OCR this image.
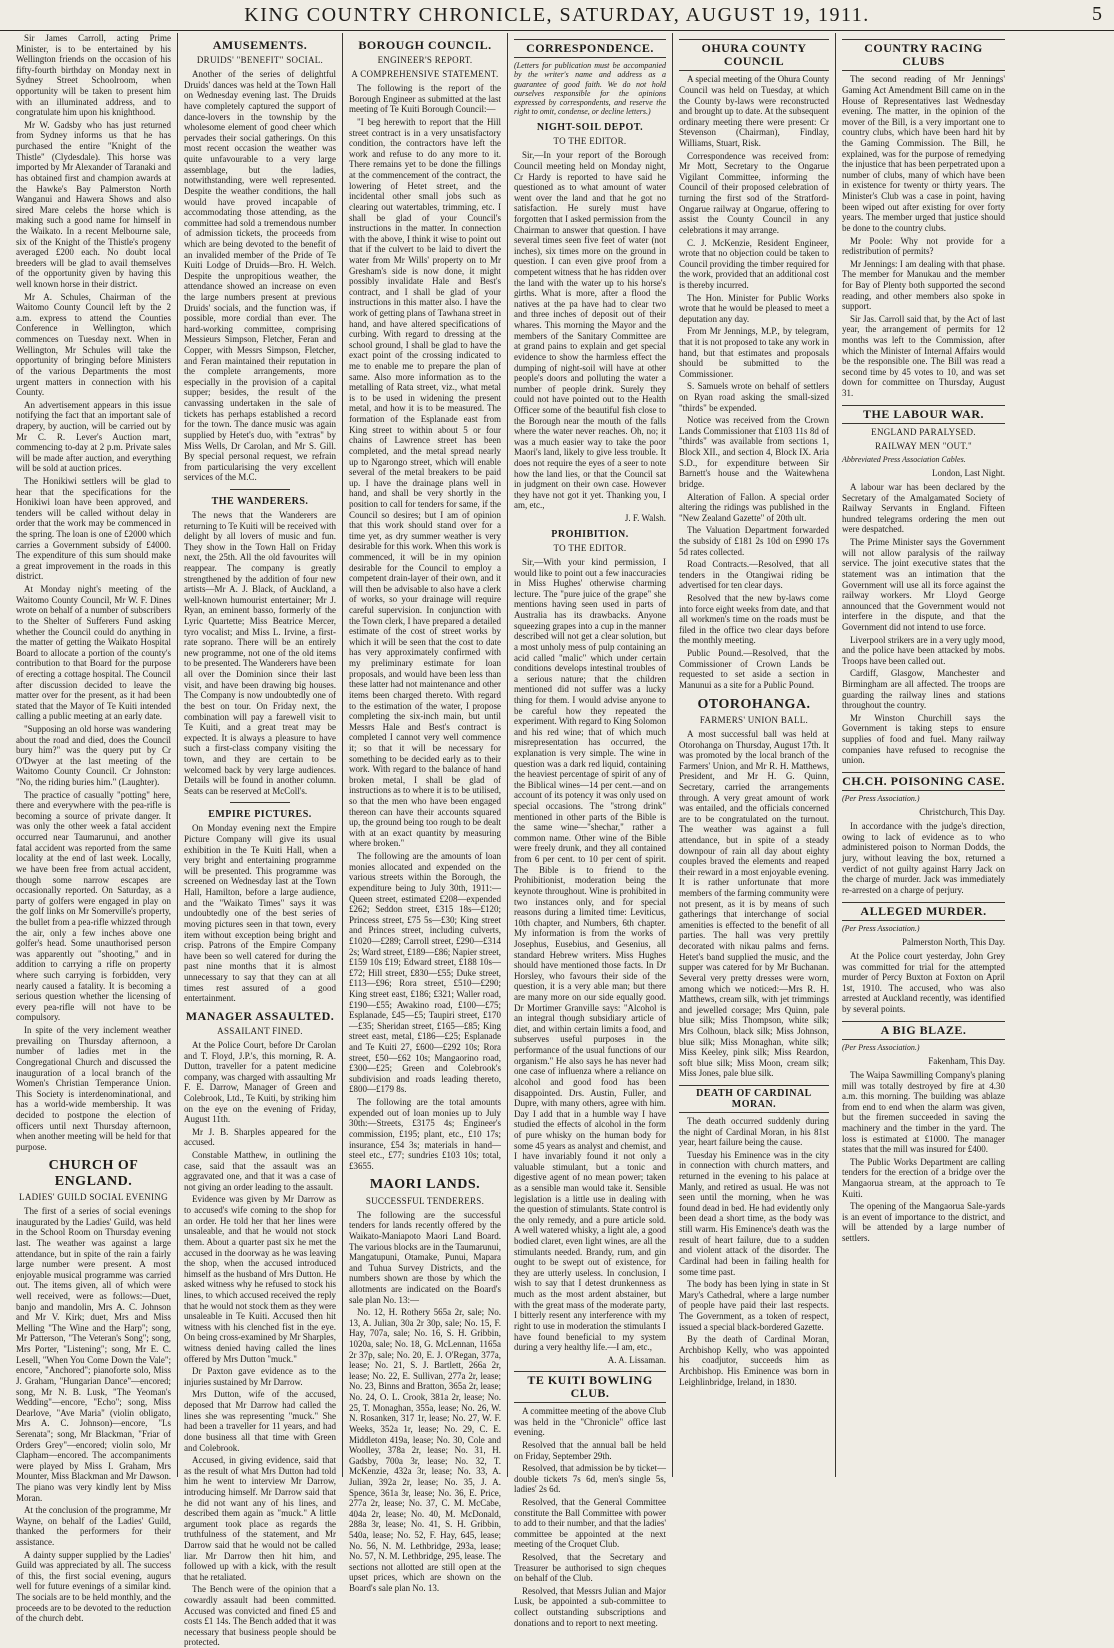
KING COUNTRY CHRONICLE, SATURDAY, AUGUST 19, 1911.	5

Sir James Carroll, acting Prime Minister, is to be entertained by his Wellington friends on the occasion of his fifty-fourth birthday on Monday next in Sydney Street Schoolroom, when opportunity will be taken to present him with an illuminated address, and to congratulate him upon his knighthood.

Mr W. Gadsby who has just returned from Sydney informs us that he has purchased the entire "Knight of the Thistle" (Clydesdale). This horse was imported by Mr Alexander of Taranaki and has obtained first and champion awards at the Hawke's Bay Palmerston North Wanganui and Hawera Shows and also sired Mare celebs the horse which is making such a good name for himself in the Waikato. In a recent Melbourne sale, six of the Knight of the Thistle's progeny averaged £200 each. No doubt local breeders will be glad to avail themselves of the opportunity given by having this well known horse in their district.

Mr A. Schules, Chairman of the Waitomo County Council left by the 2 a.m. express to attend the Counties Conference in Wellington, which commences on Tuesday next. When in Wellington, Mr Schules will take the opportunity of bringing before Ministers of the various Departments the most urgent matters in connection with his County.

An advertisement appears in this issue notifying the fact that an important sale of drapery, by auction, will be carried out by Mr C. R. Lever's Auction mart, commencing to-day at 2 p.m. Private sales will be made after auction, and everything will be sold at auction prices.

The Honikiwi settlers will be glad to hear that the specifications for the Honikiwi loan have been approved, and tenders will be called without delay in order that the work may be commenced in the spring. The loan is one of £2000 which carries a Government subsidy of £4000. The expenditure of this sum should make a great improvement in the roads in this district.

At Monday night's meeting of the Waitomo County Council, Mr W. F. Dines wrote on behalf of a number of subscribers to the Shelter of Sufferers Fund asking whether the Council could do anything in the matter of getting the Waikato Hospital Board to allocate a portion of the county's contribution to that Board for the purpose of erecting a cottage hospital. The Council after discussion decided to leave the matter over for the present, as it had been stated that the Mayor of Te Kuiti intended calling a public meeting at an early date.

"Supposing an old horse was wandering about the road and died, does the Council bury him?" was the query put by Cr O'Dwyer at the last meeting of the Waitomo County Council. Cr Johnston: "No, the riding buries him." (Laughter).

The practice of casually "potting" here, there and everywhere with the pea-rifle is becoming a source of private danger. It was only the other week a fatal accident occurred near Taumarunui, and another fatal accident was reported from the same locality at the end of last week. Locally, we have been free from actual accident, though some narrow escapes are occasionally reported. On Saturday, as a party of golfers were engaged in play on the golf links on Mr Somerville's property, the bullet from a pea-rifle whizzed through the air, only a few inches above one golfer's head. Some unauthorised person was apparently out "shooting," and in addition to carrying a rifle on property where such carrying is forbidden, very nearly caused a fatality. It is becoming a serious question whether the licensing of every pea-rifle will not have to be compulsory.

In spite of the very inclement weather prevailing on Thursday afternoon, a number of ladies met in the Congregational Church and discussed the inauguration of a local branch of the Women's Christian Temperance Union. This Society is interdenominational, and has a world-wide membership. It was decided to postpone the election of officers until next Thursday afternoon, when another meeting will be held for that purpose.

CHURCH OF ENGLAND.
LADIES' GUILD SOCIAL EVENING

The first of a series of social evenings inaugurated by the Ladies' Guild, was held in the School Room on Thursday evening last. The weather was against a large attendance, but in spite of the rain a fairly large number were present. A most enjoyable musical programme was carried out. The items given, all of which were well received, were as follows:—Duet, banjo and mandolin, Mrs A. C. Johnson and Mr V. Kirk; duet, Mrs and Miss Melling "The Wine and the Harp"; song, Mr Patterson, "The Veteran's Song"; song, Mrs Porter, "Listening"; song, Mr E. C. Lesell, "When You Come Down the Vale"; encore, "Anchored"; pianoforte solo, Miss J. Graham, "Hungarian Dance"—encored; song, Mr N. B. Lusk, "The Yeoman's Wedding"—encore, "Echo"; song, Miss Dearlove, "Ave Maria" (violin obligato, Mrs A. C. Johnson)—encore, "Ls Serenata"; song, Mr Blackman, "Friar of Orders Grey"—encored; violin solo, Mr Clapham—encored. The accompaniments were played by Miss I. Graham, Mrs Mounter, Miss Blackman and Mr Dawson. The piano was very kindly lent by Miss Moran.

At the conclusion of the programme, Mr Wayne, on behalf of the Ladies' Guild, thanked the performers for their assistance.

A dainty supper supplied by the Ladies' Guild was appreciated by all. The success of this, the first social evening, augurs well for future evenings of a similar kind. The socials are to be held monthly, and the proceeds are to be devoted to the reduction of the church debt.

AMUSEMENTS.
DRUIDS' "BENEFIT" SOCIAL.

Another of the series of delightful Druids' dances was held at the Town Hall on Wednesday evening last. The Druids have completely captured the support of dance-lovers in the township by the wholesome element of good cheer which pervades their social gatherings. On this most recent occasion the weather was quite unfavourable to a very large assemblage, but the ladies, notwithstanding, were well represented. Despite the weather conditions, the hall would have proved incapable of accommodating those attending, as the committee had sold a tremendous number of admission tickets, the proceeds from which are being devoted to the benefit of an invalided member of the Pride of Te Kuiti Lodge of Druids—Bro. H. Welch. Despite the unpropitious weather, the attendance showed an increase on even the large numbers present at previous Druids' socials, and the function was, if possible, more cordial than ever. The hard-working committee, comprising Messieurs Simpson, Fletcher, Feran and Copper, with Messrs Simpson, Fletcher, and Feran maintained their reputation in the complete arrangements, more especially in the provision of a capital supper; besides, the result of the canvassing undertaken in the sale of tickets has perhaps established a record for the town. The dance music was again supplied by Hetet's duo, with "extras" by Miss Wells, Dr Carolan, and Mr S. Gill. By special personal request, we refrain from particularising the very excellent services of the M.C.

THE WANDERERS.

The news that the Wanderers are returning to Te Kuiti will be received with delight by all lovers of music and fun. They show in the Town Hall on Friday next, the 25th. All the old favourites will reappear. The company is greatly strengthened by the addition of four new artists—Mr A. J. Black, of Auckland, a well-known humourist entertainer; Mr J. Ryan, an eminent basso, formerly of the Lyric Quartette; Miss Beatrice Mercer, tyro vocalist; and Miss L. Irvine, a first-rate soprano. There will be an entirely new programme, not one of the old items to be presented. The Wanderers have been all over the Dominion since their last visit, and have been drawing big houses. The Company is now undoubtedly one of the best on tour. On Friday next, the combination will pay a farewell visit to Te Kuiti, and a great treat may be expected. It is always a pleasure to have such a first-class company visiting the town, and they are certain to be welcomed back by very large audiences. Details will be found in another column. Seats can be reserved at McColl's.

EMPIRE PICTURES.

On Monday evening next the Empire Picture Company will give its usual exhibition in the Te Kuiti Hall, when a very bright and entertaining programme will be presented. This programme was screened on Wednesday last at the Town Hall, Hamilton, before a large audience, and the "Waikato Times" says it was undoubtedly one of the best series of moving pictures seen in that town, every item without exception being bright and crisp. Patrons of the Empire Company have been so well catered for during the past nine months that it is almost unnecessary to say that they can at all times rest assured of a good entertainment.

MANAGER ASSAULTED.
ASSAILANT FINED.

At the Police Court, before Dr Carolan and T. Floyd, J.P.'s, this morning, R. A. Dutton, traveller for a patent medicine company, was charged with assaulting Mr F. E. Darrow, Manager of Green and Colebrook, Ltd., Te Kuiti, by striking him on the eye on the evening of Friday, August 11th.

Mr J. B. Sharples appeared for the accused.

Constable Matthew, in outlining the case, said that the assault was an aggravated one, and that it was a case of not giving an order leading to the assault.

Evidence was given by Mr Darrow as to accused's wife coming to the shop for an order. He told her that her lines were unsaleable, and that he would not stock them. About a quarter past six he met the accused in the doorway as he was leaving the shop, when the accused introduced himself as the husband of Mrs Dutton. He asked witness why he refused to stock his lines, to which accused received the reply that he would not stock them as they were unsaleable in Te Kuiti. Accused then hit witness with his clenched fist in the eye. On being cross-examined by Mr Sharples, witness denied having called the lines offered by Mrs Dutton "muck."

Dr Paxton gave evidence as to the injuries sustained by Mr Darrow.

Mrs Dutton, wife of the accused, deposed that Mr Darrow had called the lines she was representing "muck." She had been a traveller for 11 years, and had done business all that time with Green and Colebrook.

Accused, in giving evidence, said that as the result of what Mrs Dutton had told him he went to interview Mr Darrow, introducing himself. Mr Darrow said that he did not want any of his lines, and described them again as "muck." A little argument took place as regards the truthfulness of the statement, and Mr Darrow said that he would not be called liar. Mr Darrow then hit him, and followed up with a kick, with the result that he retaliated.

The Bench were of the opinion that a cowardly assault had been committed. Accused was convicted and fined £5 and costs £1 14s. The Bench added that it was necessary that business people should be protected.

BOROUGH COUNCIL.
ENGINEER'S REPORT.
A COMPREHENSIVE STATEMENT.

The following is the report of the Borough Engineer as submitted at the last meeting of Te Kuiti Borough Council:—

"I beg herewith to report that the Hill street contract is in a very unsatisfactory condition, the contractors have left the work and refuse to do any more to it. There remains yet to be done the fillings at the commencement of the contract, the lowering of Hetet street, and the incidental other small jobs such as clearing out watertables, trimming, etc. I shall be glad of your Council's instructions in the matter. In connection with the above, I think it wise to point out that if the culvert to be laid to divert the water from Mr Wills' property on to Mr Gresham's side is now done, it might possibly invalidate Hale and Best's contract, and I shall be glad of your instructions in this matter also. I have the work of getting plans of Tawhana street in hand, and have altered specifications of curbing. With regard to dressing at the school ground, I shall be glad to have the exact point of the crossing indicated to me to enable me to prepare the plan of same. Also more information as to the metalling of Rata street, viz., what metal is to be used in widening the present metal, and how it is to be measured. The formation of the Esplanade east from King street to within about 5 or four chains of Lawrence street has been completed, and the metal spread nearly up to Ngarongo street, which will enable several of the metal breakers to be paid up. I have the drainage plans well in hand, and shall be very shortly in the position to call for tenders for same, if the Council so desires; but I am of opinion that this work should stand over for a time yet, as dry summer weather is very desirable for this work. When this work is commenced, it will be in my opinion desirable for the Council to employ a competent drain-layer of their own, and it will then be advisable to also have a clerk of works, so your drainage will require careful supervision. In conjunction with the Town clerk, I have prepared a detailed estimate of the cost of street works by which it will be seen that the cost to date has very approximately confirmed with my preliminary estimate for loan proposals, and would have been less than these latter had not maintenance and other items been charged thereto. With regard to the estimation of the water, I propose completing the six-inch main, but until Messrs Hale and Best's contract is completed I cannot very well commence it; so that it will be necessary for something to be decided early as to their work. With regard to the balance of hand broken metal, I shall be glad of instructions as to where it is to be utilised, so that the men who have been engaged thereon can have their accounts squared up, the ground being too rough to be dealt with at an exact quantity by measuring where broken."

The following are the amounts of loan monies allocated and expended on the various streets within the Borough, the expenditure being to July 30th, 1911:—Queen street, estimated £208—expended £262; Seddon street, £315 18s—£120; Princess street, £75 5s—£30; King street and Princes street, including culverts, £1020—£289; Carroll street, £290—£314 2s; Ward street, £189—£86; Napier street, £159 10s £19; Edward street, £188 10s—£72; Hill street, £830—£55; Duke street, £113—£96; Rora street, £510—£290; King street east, £186; £321; Waller road, £190—£55; Awakino road, £100—£75; Esplanade, £45—£5; Taupiri street, £170—£35; Sheridan street, £165—£85; King street east, metal, £186—£25; Esplanade and Te Kuiti 27, £600—£292 10s; Rora street, £50—£62 10s; Mangaorino road, £300—£25; Green and Colebrook's subdivision and roads leading thereto, £800—£179 8s.

The following are the total amounts expended out of loan monies up to July 30th:—Streets, £3175 4s; Engineer's commission, £195; plant, etc., £10 17s; insurance, £54 3s; materials in hand—steel etc., £77; sundries £103 10s; total, £3655.

MAORI LANDS.
SUCCESSFUL TENDERERS.

The following are the successful tenders for lands recently offered by the Waikato-Maniapoto Maori Land Board. The various blocks are in the Taumarunui, Mangatupuni, Otamake, Punui, Mapara and Tuhua Survey Districts, and the numbers shown are those by which the allotments are indicated on the Board's sale plan No. 13:—

No. 12, H. Rothery 565a 2r, sale; No. 13, A. Julian, 30a 2r 30p, sale; No. 15, F. Hay, 707a, sale; No. 16, S. H. Gribbin, 1020a, sale; No. 18, G. McLennan, 1165a 2r 37p, sale; No. 20, E. J. O'Regan, 377a, lease; No. 21, S. J. Bartlett, 266a 2r, lease; No. 22, E. Sullivan, 277a 2r, lease; No. 23, Binns and Bratton, 365a 2r, lease; No. 24, O. L. Crook, 381a 2r, lease; No. 25, T. Monaghan, 355a, lease; No. 26, W. N. Rosanken, 317 1r, lease; No. 27, W. F. Weeks, 352a 1r, lease; No. 29, C. E. Middleton 419a, lease; No. 30, Cole and Woolley, 378a 2r, lease; No. 31, H. Gadsby, 700a 3r, lease; No. 32, T. McKenzie, 432a 3r, lease; No. 33, A. Julian, 392a 2r, lease; No. 35, J. A. Spence, 361a 3r, lease; No. 36, E. Price, 277a 2r, lease; No. 37, C. M. McCabe, 404a 2r, lease; No. 40, M. McDonald, 288a 3r, lease; No. 41, S. H. Gribbin, 540a, lease; No. 52, F. Hay, 645, lease; No. 56, N. M. Lethbridge, 293a, lease; No. 57, N. M. Lethbridge, 295, lease. The sections not allotted are still open at the upset prices, which are shown on the Board's sale plan No. 13.

CORRESPONDENCE.
(Letters for publication must be accompanied by the writer's name and address as a guarantee of good faith. We do not hold ourselves responsible for the opinions expressed by correspondents, and reserve the right to omit, condense, or decline letters.)
NIGHT-SOIL DEPOT.
TO THE EDITOR.

Sir,—In your report of the Borough Council meeting held on Monday night, Cr Hardy is reported to have said he questioned as to what amount of water went over the land and that he got no satisfaction. He surely must have forgotten that I asked permission from the Chairman to answer that question. I have several times seen five feet of water (not inches), six times more on the ground in question. I can even give proof from a competent witness that he has ridden over the land with the water up to his horse's girths. What is more, after a flood the natives at the pa have had to clear two and three inches of deposit out of their whares. This morning the Mayor and the members of the Sanitary Committee are at grand pains to explain and get special evidence to show the harmless effect the dumping of night-soil will have at other people's doors and polluting the water a number of people drink. Surely they could not have pointed out to the Health Officer some of the beautiful fish close to the Borough near the mouth of the falls where the water never reaches. Oh, no; it was a much easier way to take the poor Maori's land, likely to give less trouble. It does not require the eyes of a seer to note how the land lies, or that the Council sat in judgment on their own case. However they have not got it yet. Thanking you, I am, etc.,

J. F. Walsh.
PROHIBITION.
TO THE EDITOR.

Sir,—With your kind permission, I would like to point out a few inaccuracies in Miss Hughes' otherwise charming lecture. The "pure juice of the grape" she mentions having seen used in parts of Australia has its drawbacks. Anyone squeezing grapes into a cup in the manner described will not get a clear solution, but a most unholy mess of pulp containing an acid called "malic" which under certain conditions develops intestinal troubles of a serious nature; that the children mentioned did not suffer was a lucky thing for them. I would advise anyone to be careful how they repeated the experiment. With regard to King Solomon and his red wine; that of which much misrepresentation has occurred, the explanation is very simple. The wine in question was a dark red liquid, containing the heaviest percentage of spirit of any of the Biblical wines—14 per cent.—and on account of its potency it was only used on special occasions. The "strong drink" mentioned in other parts of the Bible is the same wine—"shechar," rather a common name. Other wine of the Bible were freely drunk, and they all contained from 6 per cent. to 10 per cent of spirit. The Bible is to friend to the Prohibitionist, moderation being the keynote throughout. Wine is prohibited in two instances only, and for special reasons during a limited time: Leviticus, 10th chapter, and Numbers, 6th chapter. My information is from the works of Josephus, Eusebius, and Gesenius, all standard Hebrew writers. Miss Hughes should have mentioned those facts. In Dr Horsley, who favours their side of the question, it is a very able man; but there are many more on our side equally good. Dr Mortimer Granville says: "Alcohol is an integral though subsidiary article of diet, and within certain limits a food, and subserves useful purposes in the performance of the usual functions of our organism." He also says he has never had one case of influenza where a reliance on alcohol and good food has been disappointed. Drs. Austin, Fuller, and Dupre, with many others, agree with him. Day I add that in a humble way I have studied the effects of alcohol in the form of pure whisky on the human body for some 45 years as analyst and chemist, and I have invariably found it not only a valuable stimulant, but a tonic and digestive agent of no mean power; taken as a sensible man would take it. Sensible legislation is a little use in dealing with the question of stimulants. State control is the only remedy, and a pure article sold. A well watered whisky, a light ale, a good bodied claret, even light wines, are all the stimulants needed. Brandy, rum, and gin ought to be swept out of existence, for they are utterly useless. In conclusion, I wish to say that I detest drunkenness as much as the most ardent abstainer, but with the great mass of the moderate party, I bitterly resent any interference with my right to use in moderation the stimulants I have found beneficial to my system during a very healthy life.—I am, etc.,

A. A. Lissaman.
TE KUITI BOWLING CLUB.

A committee meeting of the above Club was held in the "Chronicle" office last evening.

Resolved that the annual ball be held on Friday, September 29th.

Resolved, that admission be by ticket—double tickets 7s 6d, men's single 5s, ladies' 2s 6d.

Resolved, that the General Committee constitute the Ball Committee with power to add to their number, and that the ladies' committee be appointed at the next meeting of the Croquet Club.

Resolved, that the Secretary and Treasurer be authorised to sign cheques on behalf of the Club.

Resolved, that Messrs Julian and Major Lusk, be appointed a sub-committee to collect outstanding subscriptions and donations and to report to next meeting.

OHURA COUNTY COUNCIL

A special meeting of the Ohura County Council was held on Tuesday, at which the County by-laws were reconstructed and brought up to date. At the subsequent ordinary meeting there were present: Cr Stevenson (Chairman), Findlay, Williams, Stuart, Risk.

Correspondence was received from: Mr Mott, Secretary to the Ongarue Vigilant Committee, informing the Council of their proposed celebration of turning the first sod of the Stratford-Ongarue railway at Ongarue, offering to assist the County Council in any celebrations it may arrange.

C. J. McKenzie, Resident Engineer, wrote that no objection could be taken to Council providing the timber required for the work, provided that an additional cost is thereby incurred.

The Hon. Minister for Public Works wrote that he would be pleased to meet a deputation any day.

From Mr Jennings, M.P., by telegram, that it is not proposed to take any work in hand, but that estimates and proposals should be submitted to the Commissioner.

S. Samuels wrote on behalf of settlers on Ryan road asking the small-sized "thirds" be expended.

Notice was received from the Crown Lands Commissioner that £103 11s 8d of "thirds" was available from sections 1, Block XII., and section 4, Block IX. Aria S.D., for expenditure between Sir Barnett's house and the Waitewhena bridge.

Alteration of Fallon. A special order altering the ridings was published in the "New Zealand Gazette" of 20th ult.

The Valuation Department forwarded the subsidy of £181 2s 10d on £990 17s 5d rates collected.

Road Contracts.—Resolved, that all tenders in the Otangiwai riding be advertised for ten clear days.

Resolved that the new by-laws come into force eight weeks from date, and that all workmen's time on the roads must be filed in the office two clear days before the monthly meeting.

Public Pound.—Resolved, that the Commissioner of Crown Lands be requested to set aside a section in Manunui as a site for a Public Pound.

OTOROHANGA.
FARMERS' UNION BALL.

A most successful ball was held at Otorohanga on Thursday, August 17th. It was promoted by the local branch of the Farmers' Union, and Mr R. H. Matthews, President, and Mr H. G. Quinn, Secretary, carried the arrangements through. A very great amount of work was entailed, and the officials concerned are to be congratulated on the turnout. The weather was against a full attendance, but in spite of a steady downpour of rain all day about eighty couples braved the elements and reaped their reward in a most enjoyable evening. It is rather unfortunate that more members of the farming community were not present, as it is by means of such gatherings that interchange of social amenities is effected to the benefit of all parties. The hall was very prettily decorated with nikau palms and ferns. Hetet's band supplied the music, and the supper was catered for by Mr Buchanan. Several very pretty dresses were worn, among which we noticed:—Mrs R. H. Matthews, cream silk, with jet trimmings and jewelled corsage; Mrs Quinn, pale blue silk; Miss Thompson, white silk; Mrs Colhoun, black silk; Miss Johnson, blue silk; Miss Monaghan, white silk; Miss Keeley, pink silk; Miss Reardon, soft blue silk; Miss Moon, cream silk; Miss Jones, pale blue silk.

DEATH OF CARDINAL MORAN.

The death occurred suddenly during the night of Cardinal Moran, in his 81st year, heart failure being the cause.

Tuesday his Eminence was in the city in connection with church matters, and returned in the evening to his palace at Manly, and retired as usual. He was not seen until the morning, when he was found dead in bed. He had evidently only been dead a short time, as the body was still warm. His Eminence's death was the result of heart failure, due to a sudden and violent attack of the disorder. The Cardinal had been in failing health for some time past.

The body has been lying in state in St Mary's Cathedral, where a large number of people have paid their last respects. The Government, as a token of respect, issued a special black-bordered Gazette.

By the death of Cardinal Moran, Archbishop Kelly, who was appointed his coadjutor, succeeds him as Archbishop. His Eminence was born in Leighlinbridge, Ireland, in 1830.

COUNTRY RACING CLUBS

The second reading of Mr Jennings' Gaming Act Amendment Bill came on in the House of Representatives last Wednesday evening. The matter, in the opinion of the mover of the Bill, is a very important one to country clubs, which have been hard hit by the Gaming Commission. The Bill, he explained, was for the purpose of remedying the injustice that has been perpetrated upon a number of clubs, many of which have been in existence for twenty or thirty years. The Minister's Club was a case in point, having been wiped out after existing for over forty years. The member urged that justice should be done to the country clubs.

Mr Poole: Why not provide for a redistribution of permits?

Mr Jennings: I am dealing with that phase. The member for Manukau and the member for Bay of Plenty both supported the second reading, and other members also spoke in support.

Sir Jas. Carroll said that, by the Act of last year, the arrangement of permits for 12 months was left to the Commission, after which the Minister of Internal Affairs would be the responsible one. The Bill was read a second time by 45 votes to 10, and was set down for committee on Thursday, August 31.

THE LABOUR WAR.
ENGLAND PARALYSED.
RAILWAY MEN "OUT."
Abbreviated Press Association Cables.
London, Last Night.

A labour war has been declared by the Secretary of the Amalgamated Society of Railway Servants in England. Fifteen hundred telegrams ordering the men out were despatched.

The Prime Minister says the Government will not allow paralysis of the railway service. The joint executive states that the statement was an intimation that the Government will use all its force against the railway workers. Mr Lloyd George announced that the Government would not interfere in the dispute, and that the Government did not intend to use force.

Liverpool strikers are in a very ugly mood, and the police have been attacked by mobs. Troops have been called out.

Cardiff, Glasgow, Manchester and Birmingham are all affected. The troops are guarding the railway lines and stations throughout the country.

Mr Winston Churchill says the Government is taking steps to ensure supplies of food and fuel. Many railway companies have refused to recognise the union.

CH.CH. POISONING CASE.
(Per Press Association.)
Christchurch, This Day.

In accordance with the judge's direction, owing to lack of evidence as to who administered poison to Norman Dodds, the jury, without leaving the box, returned a verdict of not guilty against Harry Jack on the charge of murder. Jack was immediately re-arrested on a charge of perjury.

ALLEGED MURDER.
(Per Press Association.)
Palmerston North, This Day.

At the Police court yesterday, John Grey was committed for trial for the attempted murder of Percy Buxton at Foxton on April 1st, 1910. The accused, who was also arrested at Auckland recently, was identified by several points.

A BIG BLAZE.
(Per Press Association.)
Fakenham, This Day.

The Waipa Sawmilling Company's planing mill was totally destroyed by fire at 4.30 a.m. this morning. The building was ablaze from end to end when the alarm was given, but the firemen succeeded in saving the machinery and the timber in the yard. The loss is estimated at £1000. The manager states that the mill was insured for £400.

The Public Works Department are calling tenders for the erection of a bridge over the Mangaorua stream, at the approach to Te Kuiti.

The opening of the Mangaorua Sale-yards is an event of importance to the district, and will be attended by a large number of settlers.
